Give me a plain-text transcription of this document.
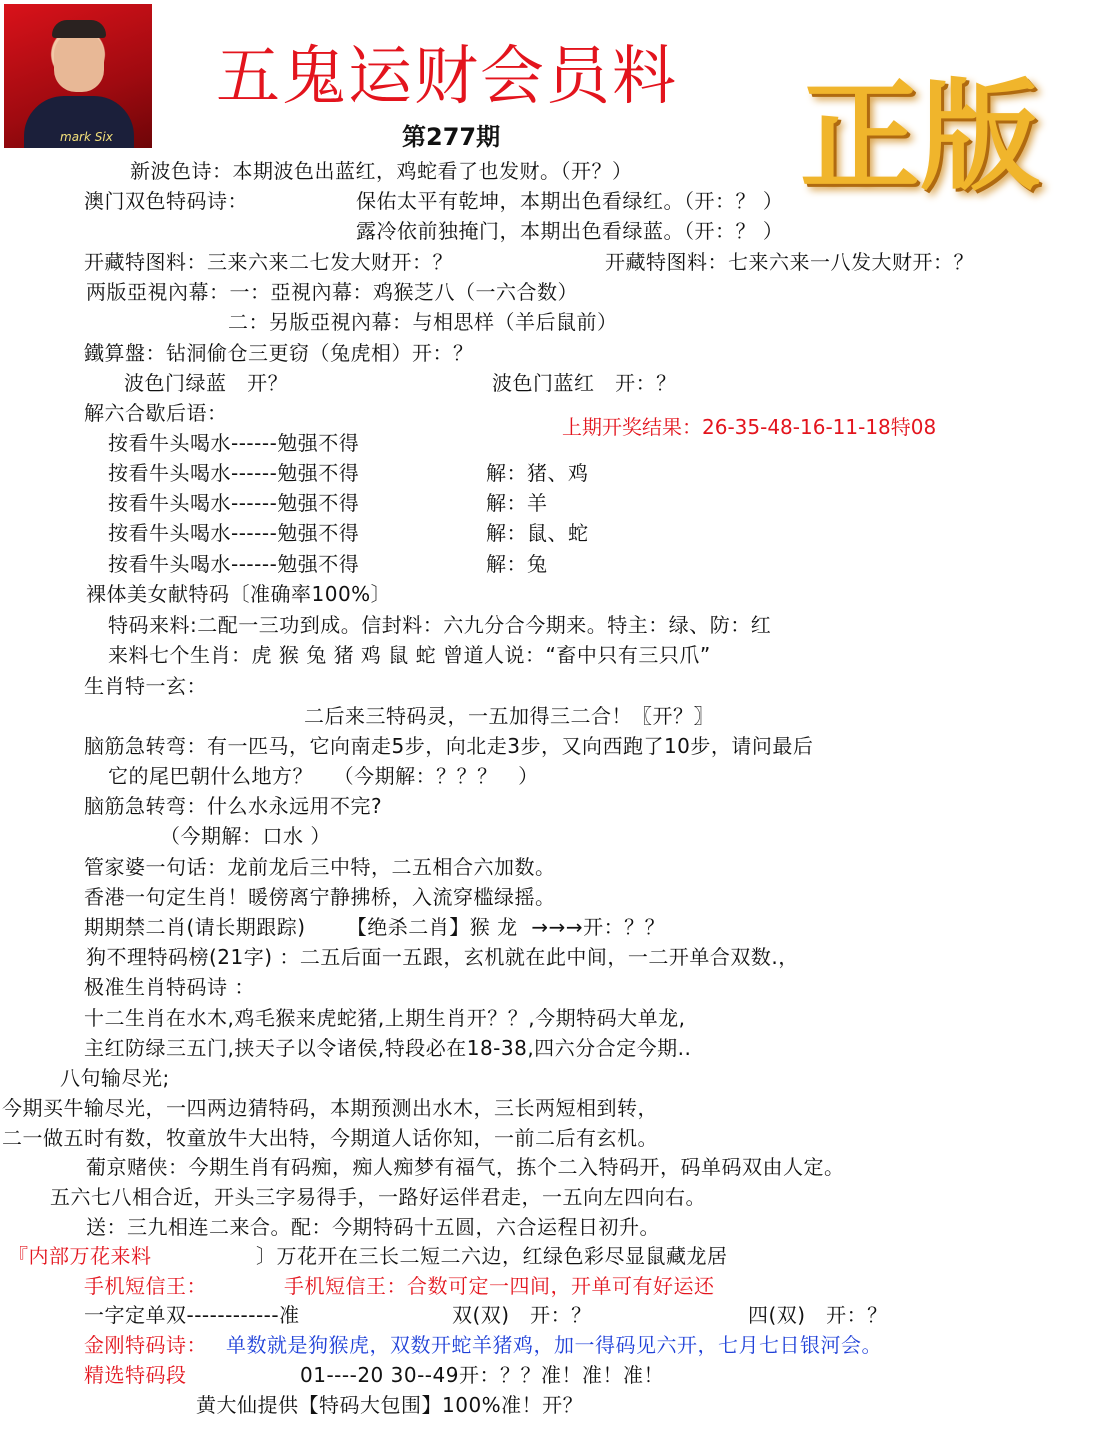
mark Six
五鬼运财会员料
第277期 正版
上期开奖结果：26-35-48-16-11-18特08
新波色诗：本期波色出蓝红，鸡蛇看了也发财。（开？）
澳门双色特码诗：	保佑太平有乾坤，本期出色看绿红。（开：？ ）
露冷依前独掩门，本期出色看绿蓝。（开：？ ）
开藏特图料：三来六来二七发大财开：？	开藏特图料：七来六来一八发大财开：？
两版亞視內幕：一：亞視內幕：鸡猴芝八（一六合数）
二：另版亞視內幕：与相思样（羊后鼠前）
鐵算盤：钻洞偷仓三更窃（兔虎相）开：？
波色门绿蓝   开？	波色门蓝红   开：？
解六合歇后语：
按看牛头喝水------勉强不得
按看牛头喝水------勉强不得	解：猪、鸡
按看牛头喝水------勉强不得	解：羊
按看牛头喝水------勉强不得	解：鼠、蛇
按看牛头喝水------勉强不得	解：兔
裸体美女献特码〔准确率100%〕
特码来料:二配一三功到成。信封料：六九分合今期来。特主：绿、防：红
来料七个生肖：虎 猴 兔 猪 鸡 鼠 蛇 曾道人说：“畜中只有三只爪”
生肖特一玄：
二后来三特码灵，一五加得三二合！〖开？〗
脑筋急转弯：有一匹马，它向南走5步，向北走3步，又向西跑了10步，请问最后
它的尾巴朝什么地方？   （今期解：？？？   ）
脑筋急转弯：什么水永远用不完?
（今期解：口水 ）
管家婆一句话：龙前龙后三中特，二五相合六加数。
香港一句定生肖！暖傍离宁静拂桥，入流穿槛绿摇。
期期禁二肖(请长期跟踪)      【绝杀二肖】猴 龙  →→→开：？？
狗不理特码榜(21字) ：二五后面一五跟，玄机就在此中间，一二开单合双数.，
极准生肖特码诗 ：
十二生肖在水木,鸡毛猴来虎蛇猪,上期生肖开？？,今期特码大单龙,
主红防绿三五门,挟天子以令诸侯,特段必在18-38,四六分合定今期..
八句输尽光;
今期买牛输尽光，一四两边猜特码，本期预测出水木，三长两短相到转，
二一做五时有数，牧童放牛大出特，今期道人话你知，一前二后有玄机。
葡京赌侠：今期生肖有码痴，痴人痴梦有福气，拣个二入特码开，码单码双由人定。
五六七八相合近，开头三字易得手，一路好运伴君走，一五向左四向右。
送：三九相连二来合。配：今期特码十五圆，六合运程日初升。
『内部万花来料	〕万花开在三长二短二六边，红绿色彩尽显鼠藏龙居
手机短信王：	手机短信王：合数可定一四间，开单可有好运还
一字定单双------------准	双(双)   开：？	四(双)   开：？
金刚特码诗： 单数就是狗猴虎，双数开蛇羊猪鸡，加一得码见六开，七月七日银河会。
精选特码段	01----20 30--49开：？？准！准！准！
黄大仙提供【特码大包围】100%准！开？
